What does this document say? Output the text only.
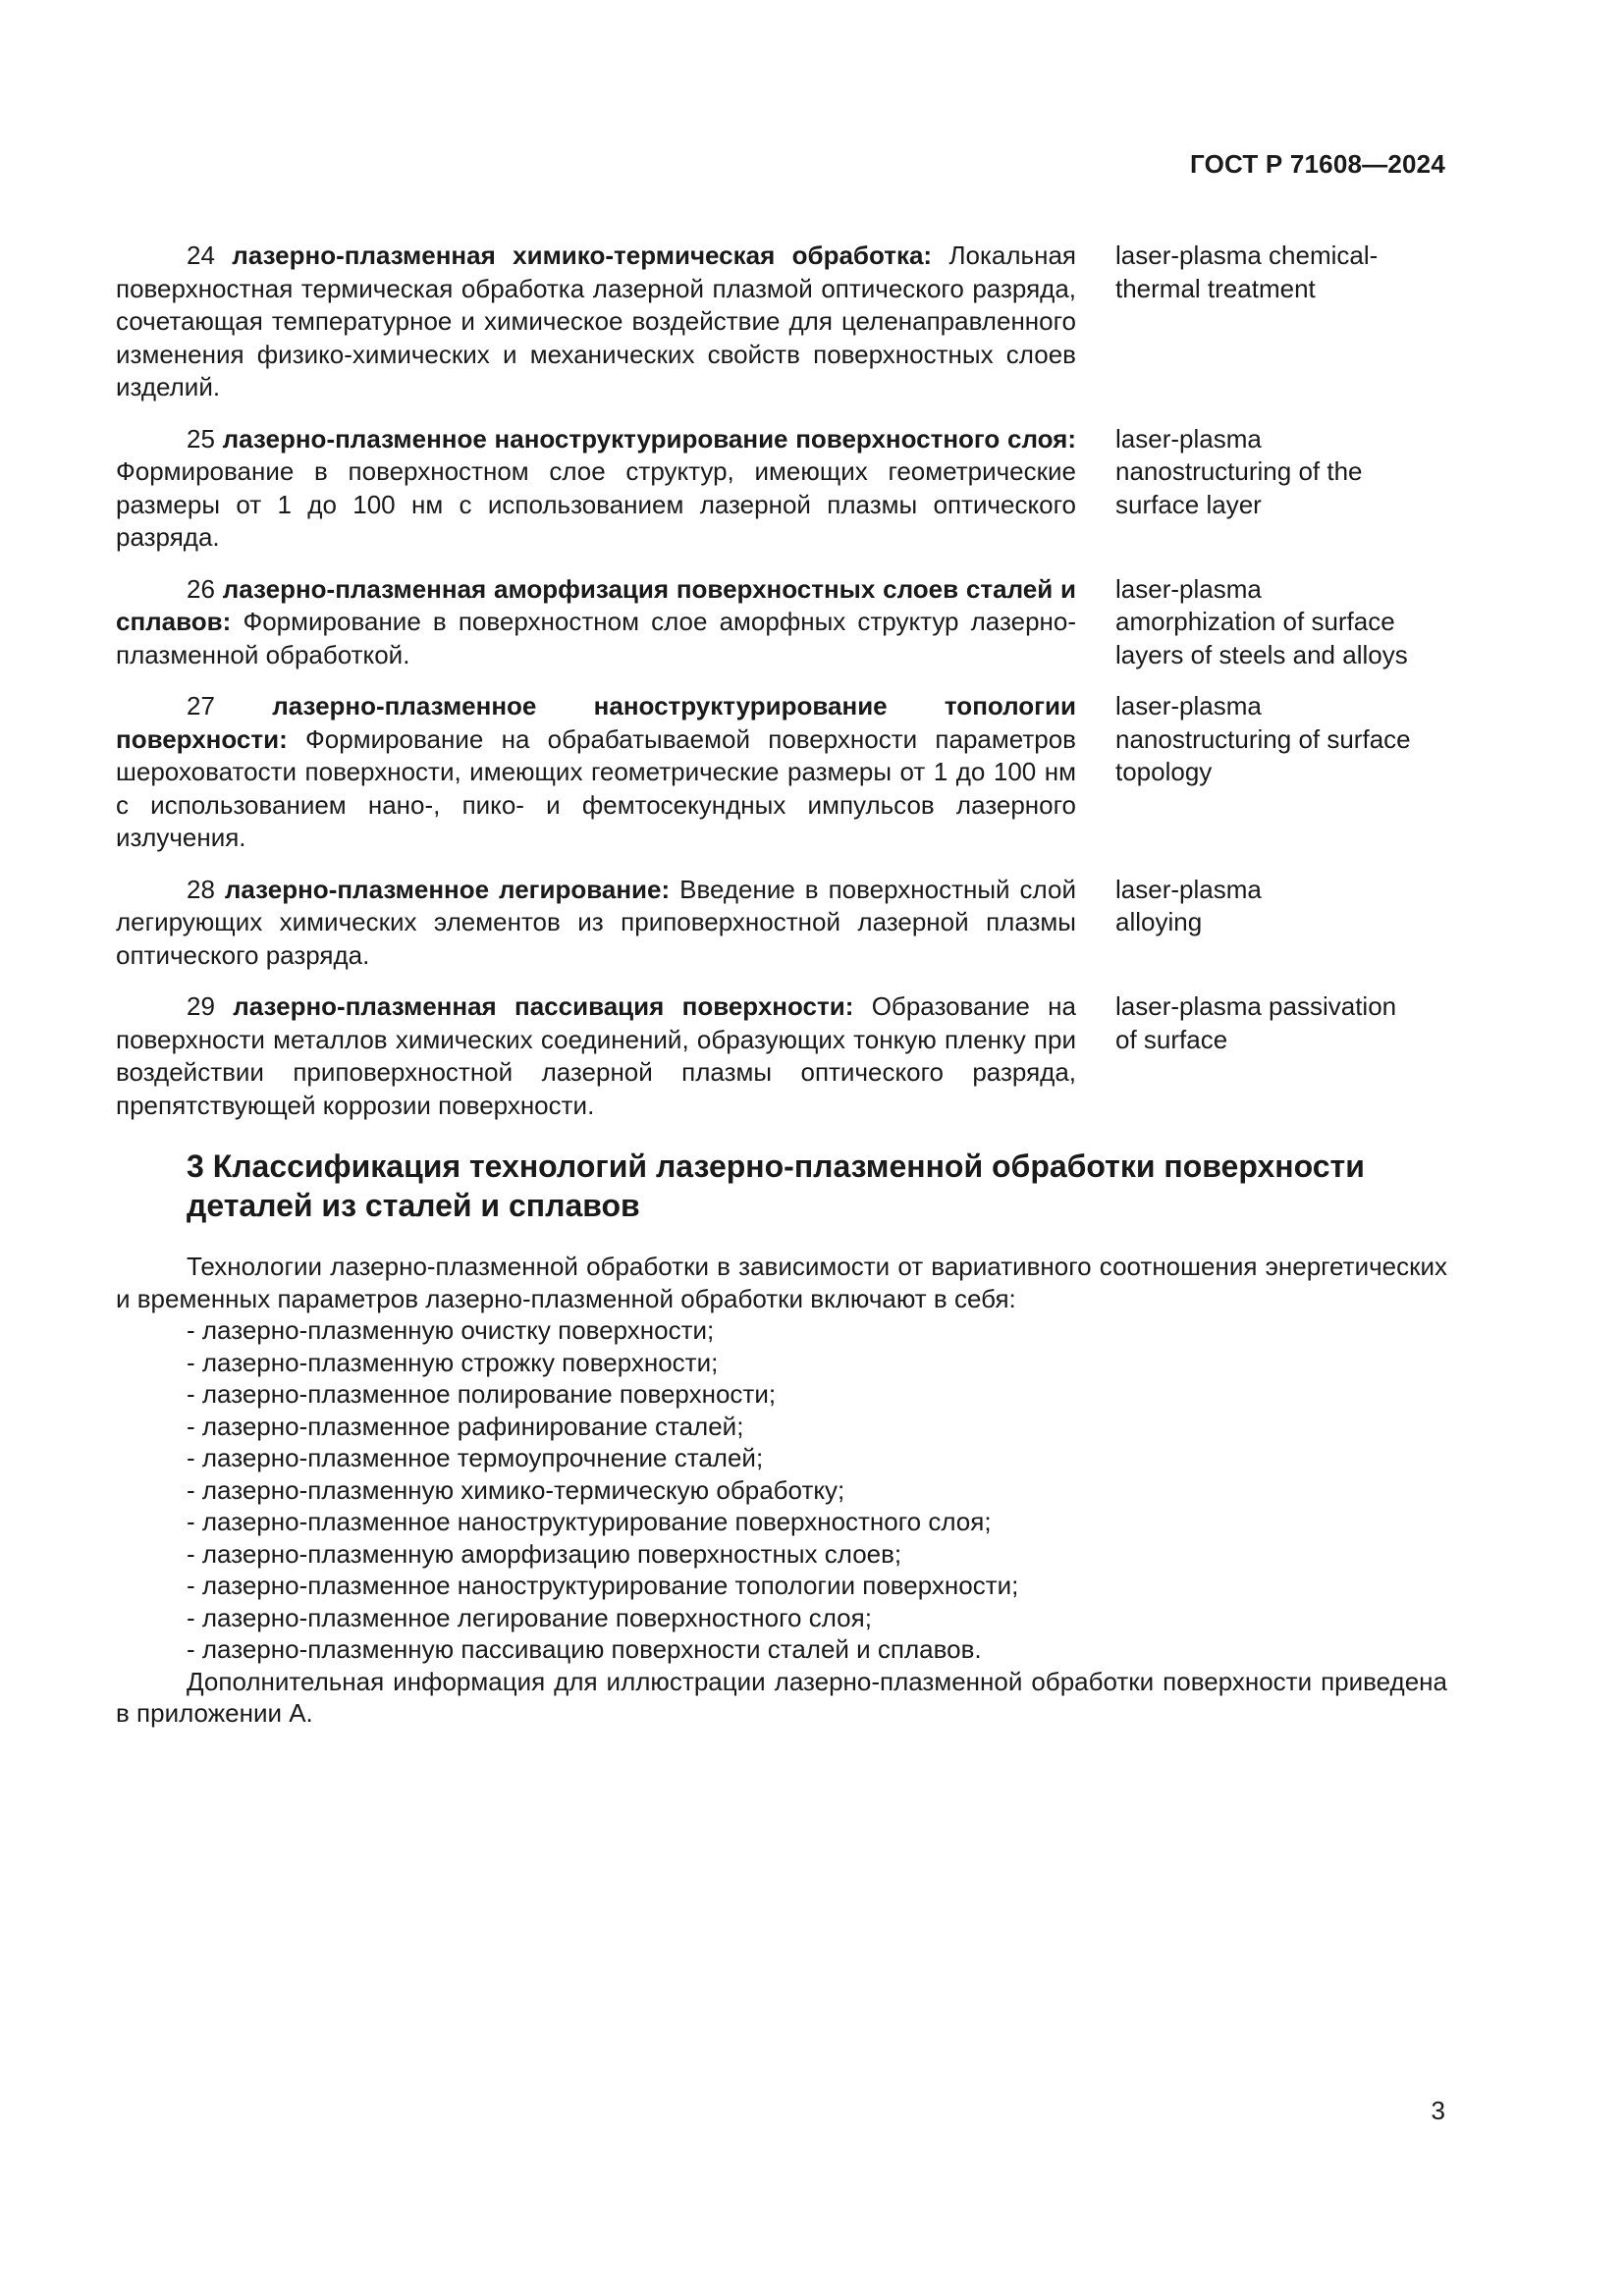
ГОСТ Р 71608—2024

24 лазерно-плазменная химико-термическая обработка: Локальная поверхностная термическая обработка лазерной плазмой оптического разряда, сочетающая температурное и химическое воздействие для целенаправленного изменения физико-химических и механических свойств поверхностных слоев изделий.

laser-plasma chemical-
thermal treatment

25 лазерно-плазменное наноструктурирование поверхностного слоя: Формирование в поверхностном слое структур, имеющих геометрические размеры от 1 до 100 нм с использованием лазерной плазмы оптического разряда.

laser-plasma
nanostructuring of the
surface layer

26 лазерно-плазменная аморфизация поверхностных слоев сталей и сплавов: Формирование в поверхностном слое аморфных структур лазерно-плазменной обработкой.

laser-plasma
amorphization of surface
layers of steels and alloys

27 лазерно-плазменное наноструктурирование топологии поверхности: Формирование на обрабатываемой поверхности параметров шероховатости поверхности, имеющих геометрические размеры от 1 до 100 нм с использованием нано-, пико- и фемтосекундных импульсов лазерного излучения.

laser-plasma
nanostructuring of surface
topology

28 лазерно-плазменное легирование: Введение в поверхностный слой легирующих химических элементов из приповерхностной лазерной плазмы оптического разряда.

laser-plasma
alloying

29 лазерно-плазменная пассивация поверхности: Образование на поверхности металлов химических соединений, образующих тонкую пленку при воздействии приповерхностной лазерной плазмы оптического разряда, препятствующей коррозии поверхности.

laser-plasma passivation
of surface
3 Классификация технологий лазерно-плазменной обработки поверхности деталей из сталей и сплавов

Технологии лазерно-плазменной обработки в зависимости от вариативного соотношения энергетических и временных параметров лазерно-плазменной обработки включают в себя:

- лазерно-плазменную очистку поверхности;
- лазерно-плазменную строжку поверхности;
- лазерно-плазменное полирование поверхности;
- лазерно-плазменное рафинирование сталей;
- лазерно-плазменное термоупрочнение сталей;
- лазерно-плазменную химико-термическую обработку;
- лазерно-плазменное наноструктурирование поверхностного слоя;
- лазерно-плазменную аморфизацию поверхностных слоев;
- лазерно-плазменное наноструктурирование топологии поверхности;
- лазерно-плазменное легирование поверхностного слоя;
- лазерно-плазменную пассивацию поверхности сталей и сплавов.

Дополнительная информация для иллюстрации лазерно-плазменной обработки поверхности приведена в приложении А.

3
